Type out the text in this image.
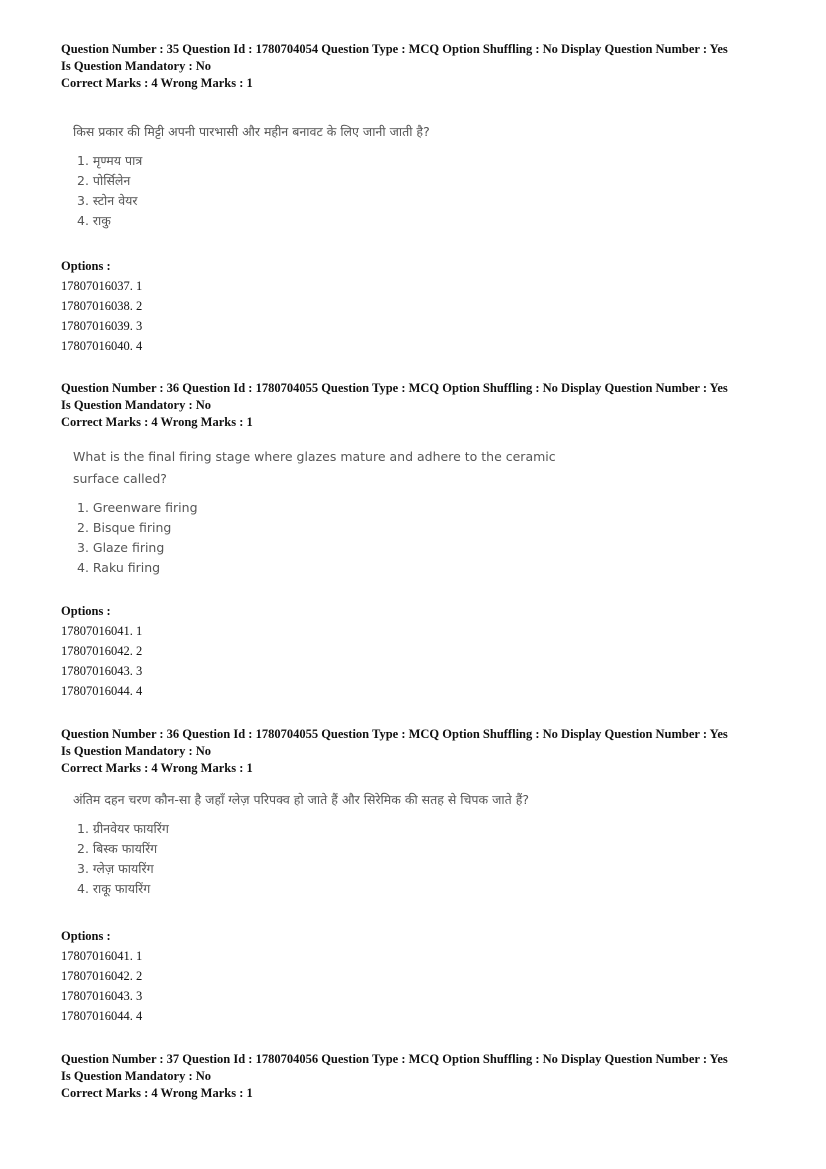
Question Number : 35 Question Id : 1780704054 Question Type : MCQ Option Shuffling : No Display Question Number : Yes
Is Question Mandatory : No
Correct Marks : 4 Wrong Marks : 1
किस प्रकार की मिट्टी अपनी पारभासी और महीन बनावट के लिए जानी जाती है?
1. मृण्मय पात्र
2. पोर्सिलेन
3. स्टोन वेयर
4. राकु
Options :
17807016037. 1
17807016038. 2
17807016039. 3
17807016040. 4
Question Number : 36 Question Id : 1780704055 Question Type : MCQ Option Shuffling : No Display Question Number : Yes
Is Question Mandatory : No
Correct Marks : 4 Wrong Marks : 1
What is the final firing stage where glazes mature and adhere to the ceramic
surface called?
1. Greenware firing
2. Bisque firing
3. Glaze firing
4. Raku firing
Options :
17807016041. 1
17807016042. 2
17807016043. 3
17807016044. 4
Question Number : 36 Question Id : 1780704055 Question Type : MCQ Option Shuffling : No Display Question Number : Yes
Is Question Mandatory : No
Correct Marks : 4 Wrong Marks : 1
अंतिम दहन चरण कौन-सा है जहाँ ग्लेज़ परिपक्व हो जाते हैं और सिरेमिक की सतह से चिपक जाते हैं?
1. ग्रीनवेयर फायरिंग
2. बिस्क फायरिंग
3. ग्लेज़ फायरिंग
4. राकू फायरिंग
Options :
17807016041. 1
17807016042. 2
17807016043. 3
17807016044. 4
Question Number : 37 Question Id : 1780704056 Question Type : MCQ Option Shuffling : No Display Question Number : Yes
Is Question Mandatory : No
Correct Marks : 4 Wrong Marks : 1
